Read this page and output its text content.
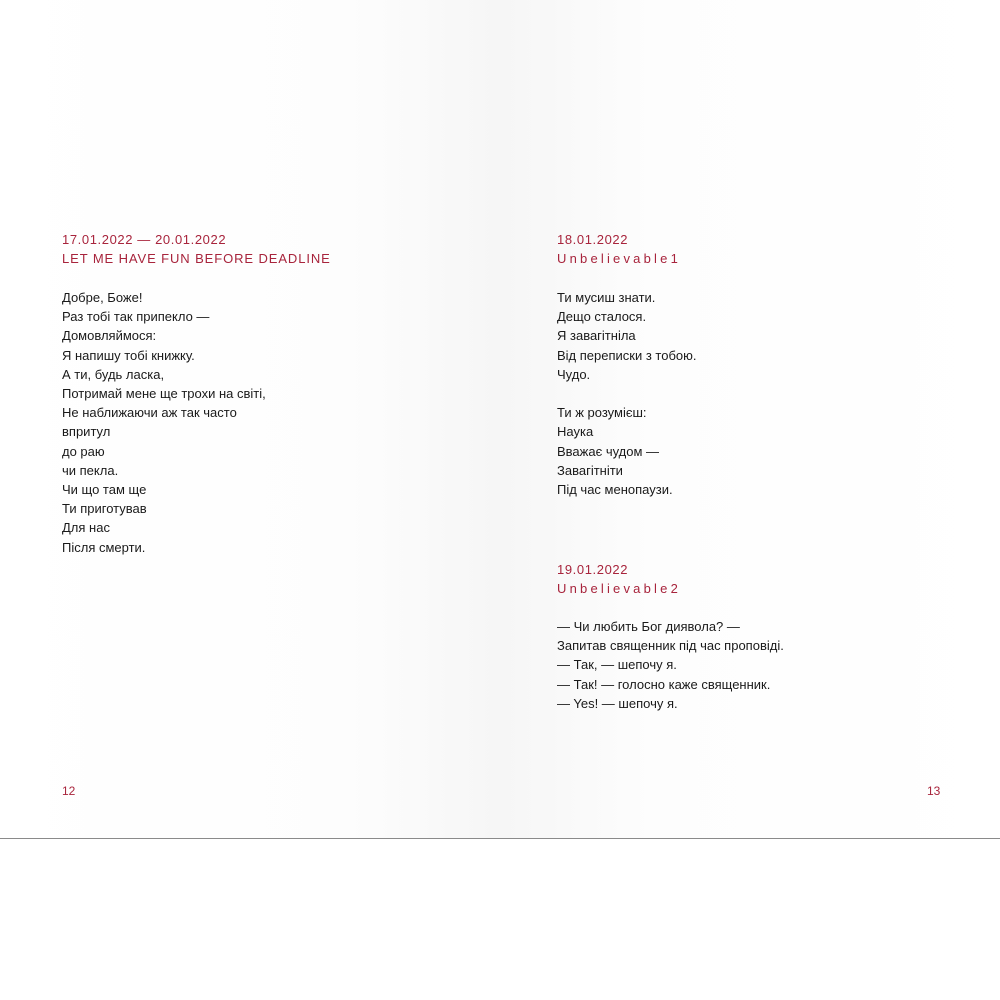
17.01.2022 — 20.01.2022
LET ME HAVE FUN BEFORE DEADLINE
Добре, Боже!
Раз тобі так припекло —
Домовляймося:
Я напишу тобі книжку.
А ти, будь ласка,
Потримай мене ще трохи на світі,
Не наближаючи аж так часто
впритул
до раю
чи пекла.
Чи що там ще
Ти приготував
Для нас
Після смерти.
12
18.01.2022
Unbelievable1
Ти мусиш знати.
Дещо сталося.
Я завагітніла
Від переписки з тобою.
Чудо.
Ти ж розумієш:
Наука
Вважає чудом —
Завагітніти
Під час менопаузи.
19.01.2022
Unbelievable2
— Чи любить Бог диявола? —
Запитав священник під час проповіді.
— Так, — шепочу я.
— Так! — голосно каже священник.
— Yes! — шепочу я.
13
